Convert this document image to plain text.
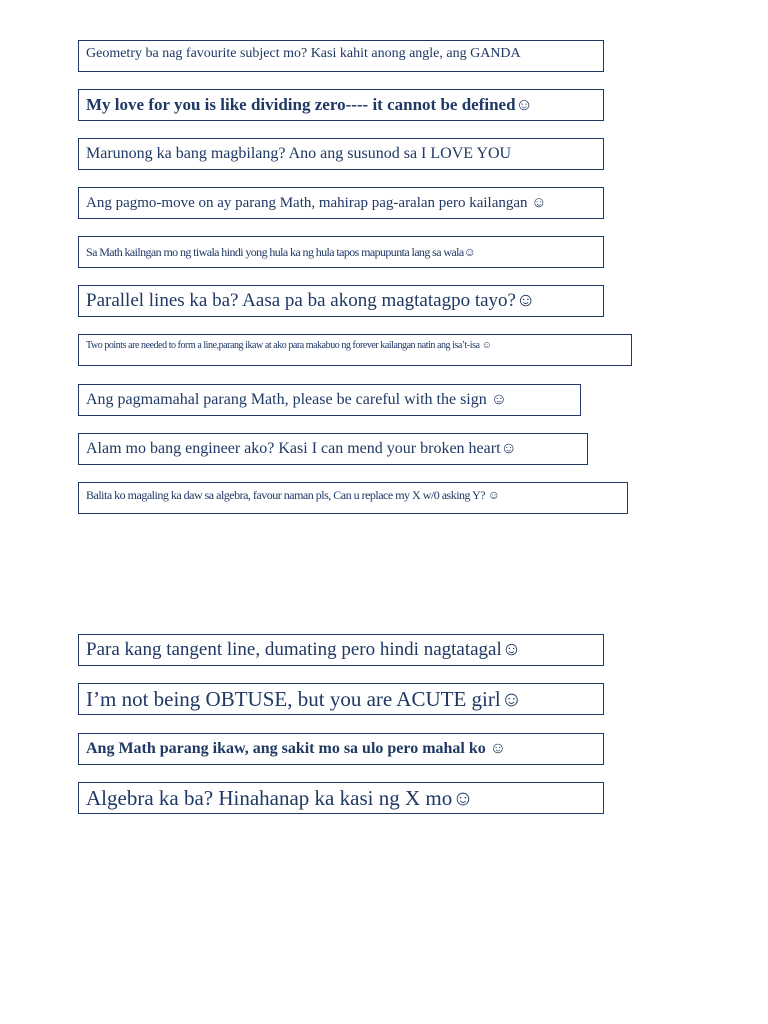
Geometry ba nag favourite subject mo? Kasi kahit anong angle, ang GANDA
My love for you is like dividing zero---- it cannot be defined☺
Marunong ka bang magbilang? Ano ang susunod sa I LOVE YOU
Ang pagmo-move on ay parang Math, mahirap pag-aralan pero kailangan ☺
Sa Math kailngan mo ng tiwala hindi yong hula ka ng hula tapos mapupunta lang sa wala☺
Parallel lines ka ba? Aasa pa ba akong magtatagpo tayo?☺
Two points are needed to form a line,parang ikaw at ako para makabuo ng forever kailangan natin ang isa’t-isa ☺
Ang pagmamahal parang Math, please be careful with the sign ☺
Alam mo bang engineer ako? Kasi I can mend your broken heart☺
Balita ko magaling ka daw sa algebra, favour naman pls, Can u replace my X w/0 asking Y? ☺
Para kang tangent line, dumating pero hindi nagtatagal☺
I’m not being OBTUSE, but you are ACUTE girl☺
Ang Math parang ikaw, ang sakit mo sa ulo pero mahal ko ☺
Algebra ka ba? Hinahanap ka kasi ng X mo☺
